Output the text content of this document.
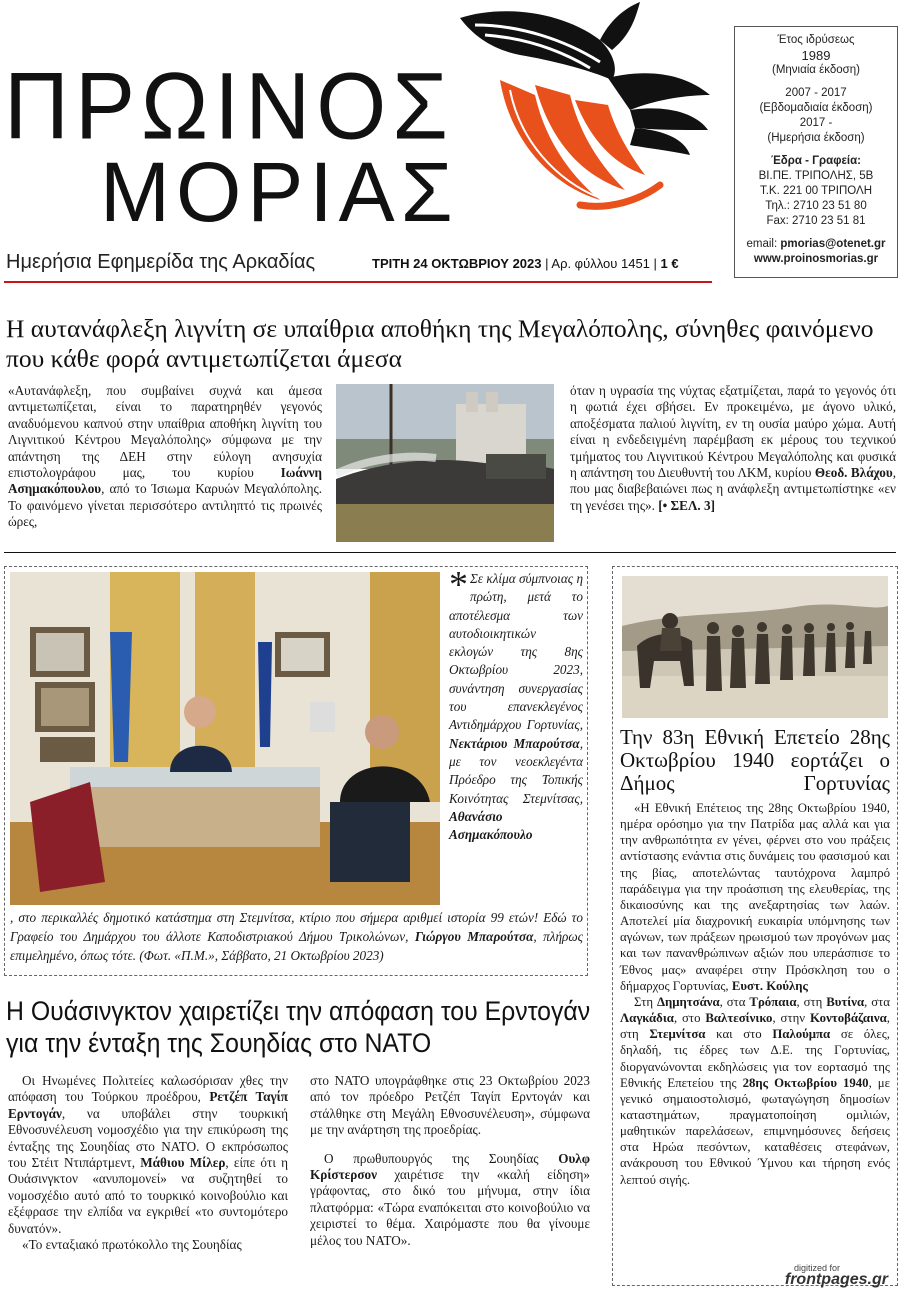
ΠΡΩΙΝΟΣ
ΜΟΡΙΑΣ
Ημερήσια Εφημερίδα της Αρκαδίας	ΤΡΙΤΗ 24 ΟΚΤΩΒΡΙΟΥ 2023 | Αρ. φύλλου 1451 | 1 €
Έτος ιδρύσεως
1989
(Μηνιαία έκδοση)
2007 - 2017
(Εβδομαδιαία έκδοση)
2017 -
(Ημερήσια έκδοση)
Έδρα - Γραφεία:
ΒΙ.ΠΕ. ΤΡΙΠΟΛΗΣ, 5Β
Τ.Κ. 221 00 ΤΡΙΠΟΛΗ
Τηλ.: 2710 23 51 80
Fax: 2710 23 51 81
email: pmorias@otenet.gr
www.proinosmorias.gr
Η αυτανάφλεξη λιγνίτη σε υπαίθρια αποθήκη της Μεγαλόπολης, σύνηθες φαινόμενο που κάθε φορά αντιμετωπίζεται άμεσα
«Αυτανάφλεξη, που συμβαίνει συχνά και άμεσα αντιμετωπίζεται, είναι το παρατηρηθέν γεγονός αναδυόμενου καπνού στην υπαίθρια αποθήκη λιγνίτη του Λιγνιτικού Κέντρου Μεγαλόπολης» σύμφωνα με την απάντηση της ΔΕΗ στην εύλογη ανησυχία επιστολογράφου μας, του κυρίου Ιωάννη Ασημακόπουλου, από το Ίσιωμα Καρυών Μεγαλόπολης. Το φαινόμενο γίνεται περισσότερο αντιληπτό τις πρωινές ώρες,
όταν η υγρασία της νύχτας εξατμίζεται, παρά το γεγονός ότι η φωτιά έχει σβήσει. Εν προκειμένω, με άγονο υλικό, αποξέσματα παλιού λιγνίτη, εν τη ουσία μαύρο χώμα. Αυτή είναι η ενδεδειγμένη παρέμβαση εκ μέρους του τεχνικού τμήματος του Λιγνιτικού Κέντρου Μεγαλόπολης και φυσικά η απάντηση του Διευθυντή του ΛΚΜ, κυρίου Θεοδ. Βλάχου, που μας διαβεβαιώνει πως η ανάφλεξη αντιμετωπίστηκε «εν τη γενέσει της». [• ΣΕΛ. 3]
* Σε κλίμα σύμπνοιας η πρώτη, μετά το αποτέλεσμα των αυτοδιοικητικών εκλογών της 8ης Οκτωβρίου 2023, συνάντηση συνεργασίας του επανεκλεγένος Αντιδημάρχου Γορτυνίας, Νεκτάριου Μπαρούτσα, με τον νεοεκλεγέντα Πρόεδρο της Τοπικής Κοινότητας Στεμνίτσας, Αθανάσιο Ασημακόπουλο
, στο περικαλλές δημοτικό κατάστημα στη Στεμνίτσα, κτίριο που σήμερα αριθμεί ιστορία 99 ετών! Εδώ το Γραφείο του Δημάρχου του άλλοτε Καποδιστριακού Δήμου Τρικολώνων, Γιώργου Μπαρούτσα, πλήρως επιμελημένο, όπως τότε. (Φωτ. «Π.Μ.», Σάββατο, 21 Οκτωβρίου 2023)
Η Ουάσινγκτον χαιρετίζει την απόφαση του Ερντογάν για την ένταξη της Σουηδίας στο ΝΑΤΟ

Οι Ηνωμένες Πολιτείες καλωσόρισαν χθες την απόφαση του Τούρκου προέδρου, Ρετζέπ Ταγίπ Ερντογάν, να υποβάλει στην τουρκική Εθνοσυνέλευση νομοσχέδιο για την επικύρωση της ένταξης της Σουηδίας στο ΝΑΤΟ. Ο εκπρόσωπος του Στέιτ Ντιπάρτμεντ, Μάθιου Μίλερ, είπε ότι η Ουάσινγκτον «ανυπομονεί» να συζητηθεί το νομοσχέδιο αυτό από το τουρκικό κοινοβούλιο και εξέφρασε την ελπίδα να εγκριθεί «το συντομότερο δυνατόν».

«Το ενταξιακό πρωτόκολλο της Σουηδίας

στο ΝΑΤΟ υπογράφθηκε στις 23 Οκτωβρίου 2023 από τον πρόεδρο Ρετζέπ Ταγίπ Ερντογάν και στάλθηκε στη Μεγάλη Εθνοσυνέλευση», σύμφωνα με την ανάρτηση της προεδρίας.

Ο πρωθυπουργός της Σουηδίας Ουλφ Κρίστερσον χαιρέτισε την «καλή είδηση» γράφοντας, στο δικό του μήνυμα, στην ίδια πλατφόρμα: «Τώρα εναπόκειται στο κοινοβούλιο να χειριστεί το θέμα. Χαιρόμαστε που θα γίνουμε μέλος του ΝΑΤΟ».

Την 83η Εθνική Επετείο 28ης Οκτωβρίου 1940 εορτάζει ο Δήμος Γορτυνίας

«Η Εθνική Επέτειος της 28ης Οκτωβρίου 1940, ημέρα ορόσημο για την Πατρίδα μας αλλά και για την ανθρωπότητα εν γένει, φέρνει στο νου πράξεις αντίστασης ενάντια στις δυνάμεις του φασισμού και της βίας, αποτελώντας ταυτόχρονα λαμπρό παράδειγμα για την προάσπιση της ελευθερίας, της δικαιοσύνης και της ανεξαρτησίας των λαών. Αποτελεί μία διαχρονική ευκαιρία υπόμνησης των αγώνων, των πράξεων ηρωισμού των προγόνων μας και των πανανθρώπινων αξιών που υπεράσπισε το Έθνος μας» αναφέρει στην Πρόσκληση του ο δήμαρχος Γορτυνίας, Ευστ. Κούλης

Στη Δημητσάνα, στα Τρόπαια, στη Βυτίνα, στα Λαγκάδια, στο Βαλτεσίνικο, στην Κοντοβάζαινα, στη Στεμνίτσα και στο Παλούμπα σε όλες, δηλαδή, τις έδρες των Δ.Ε. της Γορτυνίας, διοργανώνονται εκδηλώσεις για τον εορτασμό της Εθνικής Επετείου της 28ης Οκτωβρίου 1940, με γενικό σημαιοστολισμό, φωταγώγηση δημοσίων καταστημάτων, πραγματοποίηση ομιλιών, μαθητικών παρελάσεων, επιμνημόσυνες δεήσεις στα Ηρώα πεσόντων, καταθέσεις στεφάνων, ανάκρουση του Εθνικού Ύμνου και τήρηση ενός λεπτού σιγής.

digitized for
frontpages.gr
